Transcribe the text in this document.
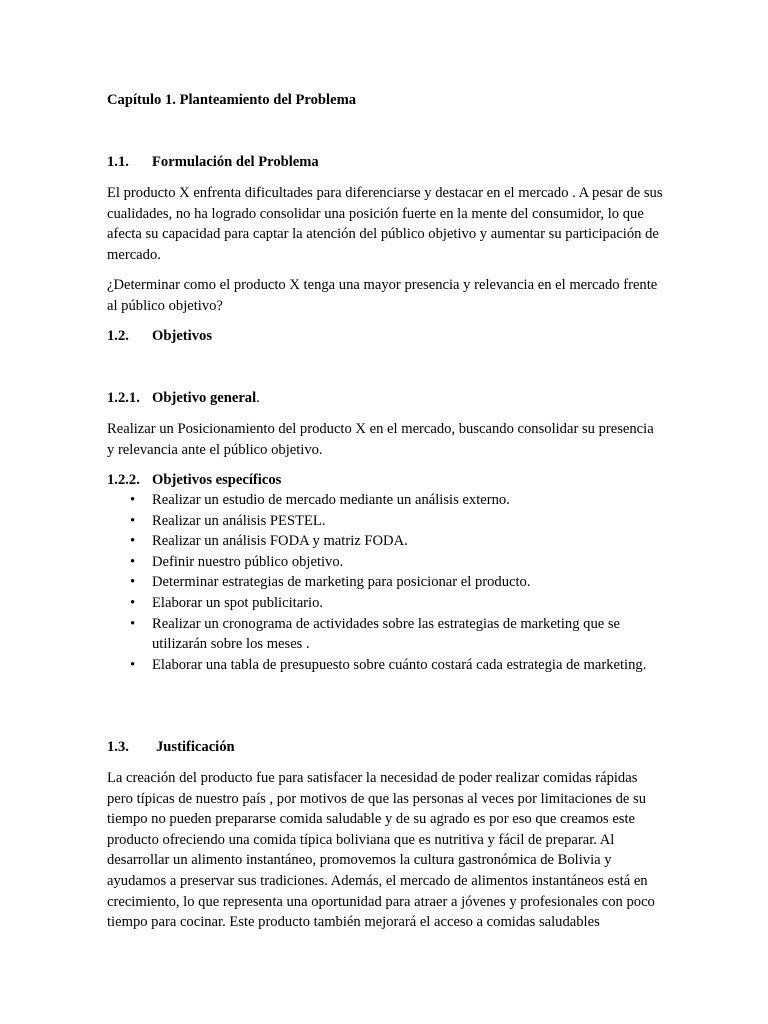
Capítulo 1. Planteamiento del Problema

1.1. Formulación del Problema

El producto X enfrenta dificultades para diferenciarse y destacar en el mercado . A pesar de sus cualidades, no ha logrado consolidar una posición fuerte en la mente del consumidor, lo que afecta su capacidad para captar la atención del público objetivo y aumentar su participación de mercado.

¿Determinar como el producto X tenga una mayor presencia y relevancia en el mercado frente al público objetivo?

1.2. Objetivos

1.2.1. Objetivo general.

Realizar un Posicionamiento del producto X en el mercado, buscando consolidar su presencia y relevancia ante el público objetivo.

1.2.2. Objetivos específicos

• Realizar un estudio de mercado mediante un análisis externo.
• Realizar un análisis PESTEL.
• Realizar un análisis FODA y matriz FODA.
• Definir nuestro público objetivo.
• Determinar estrategias de marketing para posicionar el producto.
• Elaborar un spot publicitario.
• Realizar un cronograma de actividades sobre las estrategias de marketing que se utilizarán sobre los meses .
• Elaborar una tabla de presupuesto sobre cuánto costará cada estrategia de marketing.

1.3. Justificación

La creación del producto fue para satisfacer la necesidad de poder realizar comidas rápidas pero típicas de nuestro país , por motivos de que las personas al veces por limitaciones de su tiempo no pueden prepararse comida saludable y de su agrado es por eso que creamos este producto ofreciendo una comida típica boliviana que es nutritiva y fácil de preparar. Al desarrollar un alimento instantáneo, promovemos la cultura gastronómica de Bolivia y ayudamos a preservar sus tradiciones. Además, el mercado de alimentos instantáneos está en crecimiento, lo que representa una oportunidad para atraer a jóvenes y profesionales con poco tiempo para cocinar. Este producto también mejorará el acceso a comidas saludables
